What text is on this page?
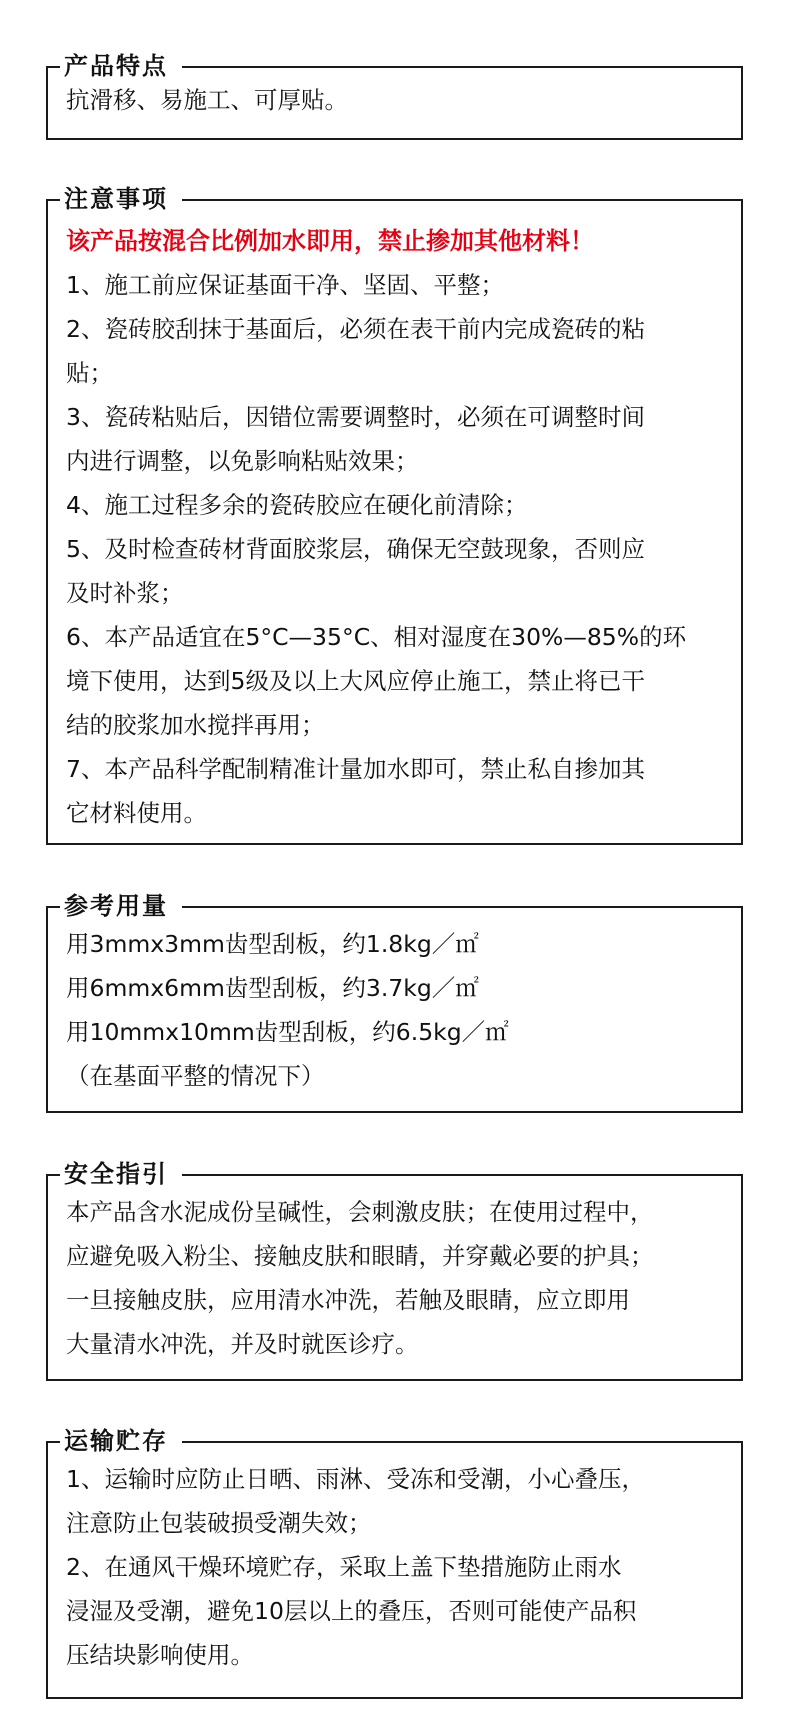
产品特点
抗滑移、易施工、可厚贴。
注意事项
该产品按混合比例加水即用，禁止掺加其他材料！
1、施工前应保证基面干净、坚固、平整；
2、瓷砖胶刮抹于基面后，必须在表干前内完成瓷砖的粘
贴；
3、瓷砖粘贴后，因错位需要调整时，必须在可调整时间
内进行调整，以免影响粘贴效果；
4、施工过程多余的瓷砖胶应在硬化前清除；
5、及时检查砖材背面胶浆层，确保无空鼓现象，否则应
及时补浆；
6、本产品适宜在5°C—35°C、相对湿度在30%—85%的环
境下使用，达到5级及以上大风应停止施工，禁止将已干
结的胶浆加水搅拌再用；
7、本产品科学配制精准计量加水即可，禁止私自掺加其
它材料使用。
参考用量
用3mmx3mm齿型刮板，约1.8kg／㎡
用6mmx6mm齿型刮板，约3.7kg／㎡
用10mmx10mm齿型刮板，约6.5kg／㎡
（在基面平整的情况下）
安全指引
本产品含水泥成份呈碱性，会刺激皮肤；在使用过程中，
应避免吸入粉尘、接触皮肤和眼睛，并穿戴必要的护具；
一旦接触皮肤，应用清水冲洗，若触及眼睛，应立即用
大量清水冲洗，并及时就医诊疗。
运输贮存
1、运输时应防止日晒、雨淋、受冻和受潮，小心叠压，
注意防止包装破损受潮失效；
2、在通风干燥环境贮存，采取上盖下垫措施防止雨水
浸湿及受潮，避免10层以上的叠压，否则可能使产品积
压结块影响使用。
